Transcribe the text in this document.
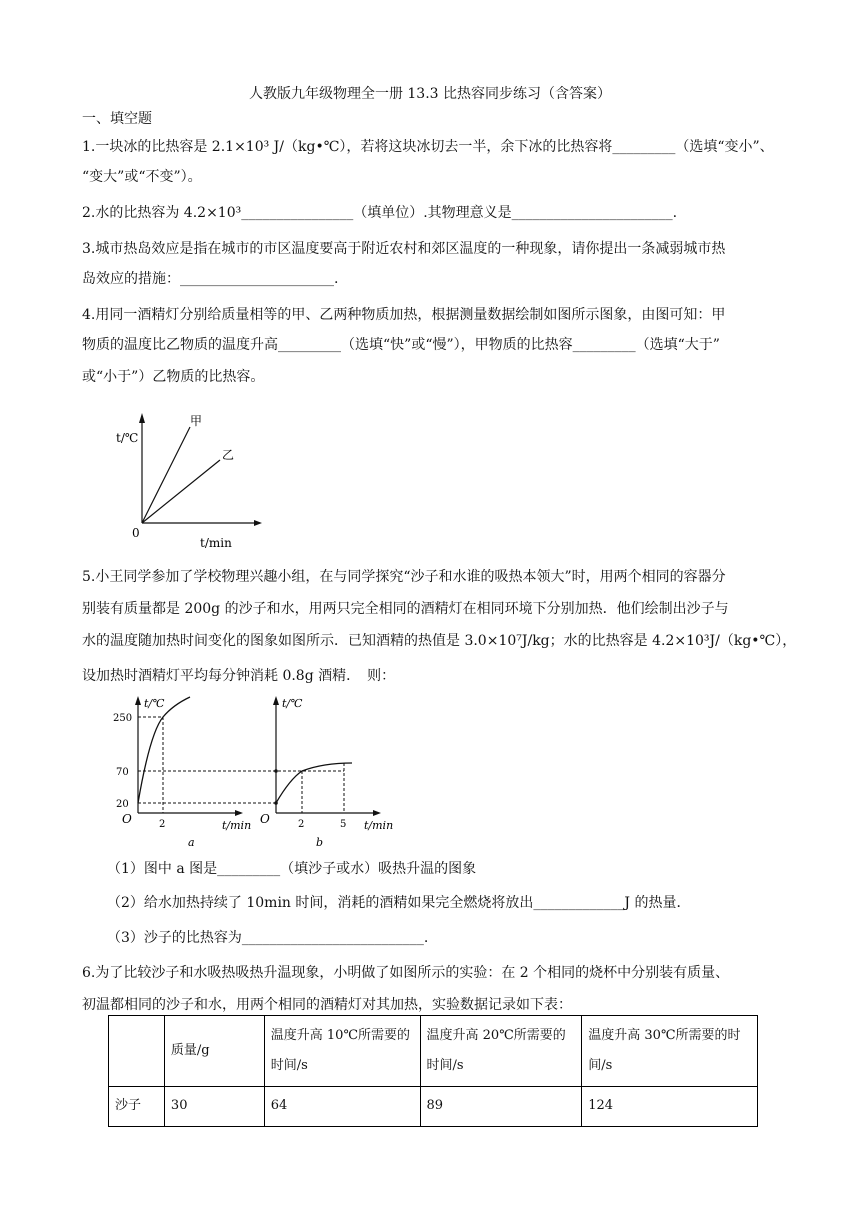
人教版九年级物理全一册 13.3 比热容同步练习（含答案）
一、填空题
1.一块冰的比热容是 2.1×10³ J/（kg•℃），若将这块冰切去一半，余下冰的比热容将_________（选填“变小”、
“变大”或“不变”）。
2.水的比热容为 4.2×10³________________（填单位）.其物理意义是_______________________.
3.城市热岛效应是指在城市的市区温度要高于附近农村和郊区温度的一种现象，请你提出一条减弱城市热
岛效应的措施：______________________.
4.用同一酒精灯分别给质量相等的甲、乙两种物质加热，根据测量数据绘制如图所示图象，由图可知：甲
物质的温度比乙物质的温度升高_________（选填“快”或“慢”），甲物质的比热容_________（选填“大于”
或“小于”）乙物质的比热容。
t/℃
t/min
0
甲
乙
5.小王同学参加了学校物理兴趣小组，在与同学探究“沙子和水谁的吸热本领大”时，用两个相同的容器分
别装有质量都是 200g 的沙子和水，用两只完全相同的酒精灯在相同环境下分别加热．他们绘制出沙子与
水的温度随加热时间变化的图象如图所示．已知酒精的热值是 3.0×10⁷J/kg；水的比热容是 4.2×10³J/（kg•℃），
设加热时酒精灯平均每分钟消耗 0.8g 酒精．　则：
t/℃
250
70
20
O	2	t/min
a
t/℃
O	2	5 t/min
b
（1）图中 a 图是_________（填沙子或水）吸热升温的图象
（2）给水加热持续了 10min 时间，消耗的酒精如果完全燃烧将放出_____________J 的热量．
（3）沙子的比热容为__________________________.
6.为了比较沙子和水吸热吸热升温现象，小明做了如图所示的实验：在 2 个相同的烧杯中分别装有质量、
初温都相同的沙子和水，用两个相同的酒精灯对其加热，实验数据记录如下表：
	质量/g	温度升高 10℃所需要的时间/s	温度升高 20℃所需要的时间/s	温度升高 30℃所需要的时间/s
沙子	30	64	89	124
